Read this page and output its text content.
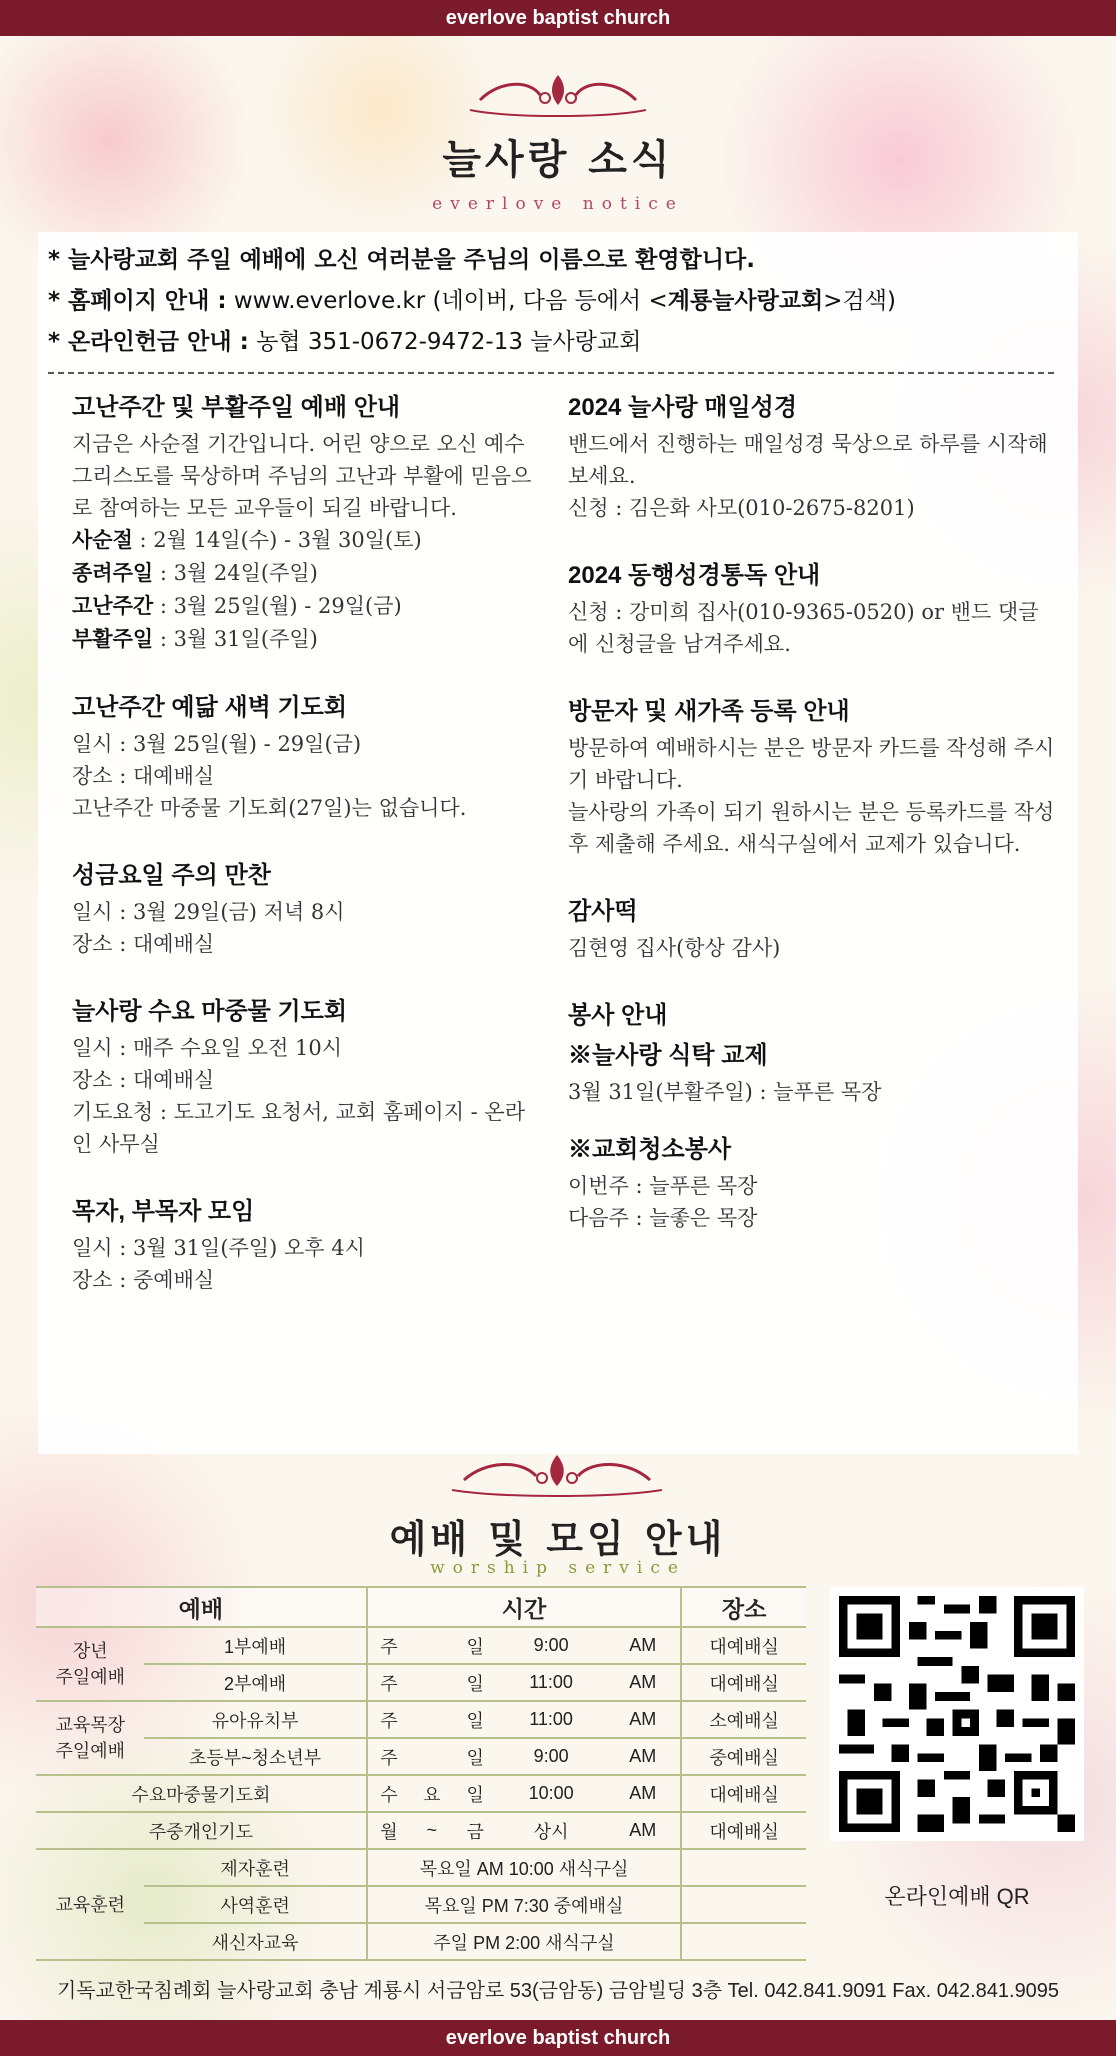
everlove baptist church
늘사랑 소식
everlove notice
* 늘사랑교회 주일 예배에 오신 여러분을 주님의 이름으로 환영합니다.
* 홈페이지 안내 : www.everlove.kr (네이버, 다음 등에서 <계룡늘사랑교회>검색)
* 온라인헌금 안내 : 농협 351-0672-9472-13 늘사랑교회
고난주간 및 부활주일 예배 안내

지금은 사순절 기간입니다. 어린 양으로 오신 예수 그리스도를 묵상하며 주님의 고난과 부활에 믿음으로 참여하는 모든 교우들이 되길 바랍니다.

사순절 : 2월 14일(수) - 3월 30일(토)

종려주일 : 3월 24일(주일)

고난주간 : 3월 25일(월) - 29일(금)

부활주일 : 3월 31일(주일)

고난주간 예닮 새벽 기도회

일시 : 3월 25일(월) - 29일(금)

장소 : 대예배실

고난주간 마중물 기도회(27일)는 없습니다.

성금요일 주의 만찬

일시 : 3월 29일(금) 저녁 8시

장소 : 대예배실

늘사랑 수요 마중물 기도회

일시 : 매주 수요일 오전 10시

장소 : 대예배실

기도요청 : 도고기도 요청서, 교회 홈페이지 - 온라인 사무실

목자, 부목자 모임

일시 : 3월 31일(주일) 오후 4시

장소 : 중예배실

2024 늘사랑 매일성경

밴드에서 진행하는 매일성경 묵상으로 하루를 시작해 보세요.

신청 : 김은화 사모(010-2675-8201)

2024 동행성경통독 안내

신청 : 강미희 집사(010-9365-0520) or 밴드 댓글에 신청글을 남겨주세요.

방문자 및 새가족 등록 안내

방문하여 예배하시는 분은 방문자 카드를 작성해 주시기 바랍니다.

늘사랑의 가족이 되기 원하시는 분은 등록카드를 작성 후 제출해 주세요. 새식구실에서 교제가 있습니다.

감사떡

김현영 집사(항상 감사)

봉사 안내
※늘사랑 식탁 교제

3월 31일(부활주일) : 늘푸른 목장

※교회청소봉사

이번주 : 늘푸른 목장

다음주 : 늘좋은 목장

예배 및 모임 안내
worship service
예배		시간					장소
장년
주일예배	1부예배	주		일	9:00	AM	대예배실
	2부예배	주		일	11:00	AM	대예배실
교육목장
주일예배	유아유치부	주		일	11:00	AM	소예배실
	초등부~청소년부	주		일	9:00	AM	중예배실
수요마중물기도회		수	요	일	10:00	AM	대예배실
주중개인기도		월	~	금	상시	AM	대예배실
교육훈련	제자훈련	목요일 AM 10:00 새식구실					
	사역훈련	목요일 PM 7:30 중예배실					
	새신자교육	주일 PM 2:00 새식구실					
온라인예배 QR
기독교한국침례회 늘사랑교회 충남 계룡시 서금암로 53(금암동) 금암빌딩 3층 Tel. 042.841.9091 Fax. 042.841.9095
everlove baptist church
